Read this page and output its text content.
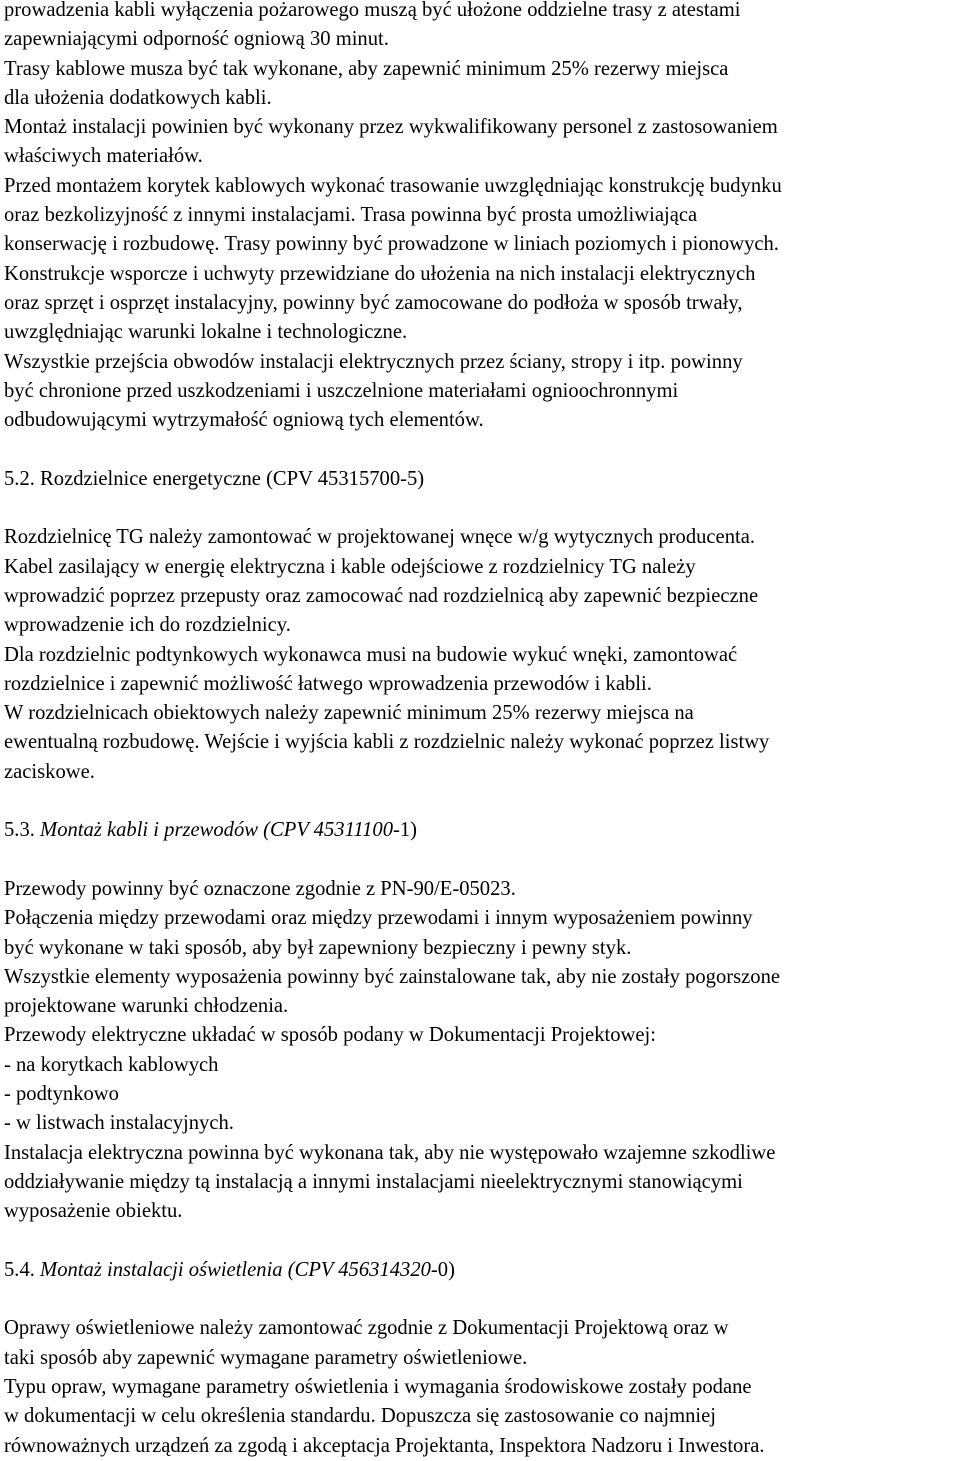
prowadzenia kabli wyłączenia pożarowego muszą być ułożone oddzielne trasy z atestami
zapewniającymi odporność ogniową 30 minut.
Trasy kablowe musza być tak wykonane, aby zapewnić minimum 25% rezerwy miejsca
dla ułożenia dodatkowych kabli.
Montaż instalacji powinien być wykonany przez wykwalifikowany personel z zastosowaniem
właściwych materiałów.
Przed montażem korytek kablowych wykonać trasowanie uwzględniając konstrukcję budynku
oraz bezkolizyjność z innymi instalacjami. Trasa powinna być prosta umożliwiająca
konserwację i rozbudowę. Trasy powinny być prowadzone w liniach poziomych i pionowych.
Konstrukcje wsporcze i uchwyty przewidziane do ułożenia na nich instalacji elektrycznych
oraz sprzęt i osprzęt instalacyjny, powinny być zamocowane do podłoża w sposób trwały,
uwzględniając warunki lokalne i technologiczne.
Wszystkie przejścia obwodów instalacji elektrycznych przez ściany, stropy i itp. powinny
być chronione przed uszkodzeniami i uszczelnione materiałami ognioochronnymi
odbudowującymi wytrzymałość ogniową tych elementów.
5.2. Rozdzielnice energetyczne (CPV 45315700-5)
Rozdzielnicę TG należy zamontować w projektowanej wnęce w/g wytycznych producenta.
Kabel zasilający w energię elektryczna i kable odejściowe z rozdzielnicy TG należy
wprowadzić poprzez przepusty oraz zamocować nad rozdzielnicą aby zapewnić bezpieczne
wprowadzenie ich do rozdzielnicy.
Dla rozdzielnic podtynkowych wykonawca musi na budowie wykuć wnęki, zamontować
rozdzielnice i zapewnić możliwość łatwego wprowadzenia przewodów i kabli.
W rozdzielnicach obiektowych należy zapewnić minimum 25% rezerwy miejsca na
ewentualną rozbudowę. Wejście i wyjścia kabli z rozdzielnic należy wykonać poprzez listwy
zaciskowe.
5.3. Montaż kabli i przewodów (CPV 45311100-1)
Przewody powinny być oznaczone zgodnie z PN-90/E-05023.
Połączenia między przewodami oraz między przewodami i innym wyposażeniem powinny
być wykonane w taki sposób, aby był zapewniony bezpieczny i pewny styk.
Wszystkie elementy wyposażenia powinny być zainstalowane tak, aby nie zostały pogorszone
projektowane warunki chłodzenia.
Przewody elektryczne układać w sposób podany w Dokumentacji Projektowej:
- na korytkach kablowych
- podtynkowo
- w listwach instalacyjnych.
Instalacja elektryczna powinna być wykonana tak, aby nie występowało wzajemne szkodliwe
oddziaływanie między tą instalacją a innymi instalacjami nieelektrycznymi stanowiącymi
wyposażenie obiektu.
5.4. Montaż instalacji oświetlenia (CPV 456314320-0)
Oprawy oświetleniowe należy zamontować zgodnie z Dokumentacji Projektową oraz w
taki sposób aby zapewnić wymagane parametry oświetleniowe.
Typu opraw, wymagane parametry oświetlenia i wymagania środowiskowe zostały podane
w dokumentacji w celu określenia standardu. Dopuszcza się zastosowanie co najmniej
równoważnych urządzeń za zgodą i akceptacja Projektanta, Inspektora Nadzoru i Inwestora.
